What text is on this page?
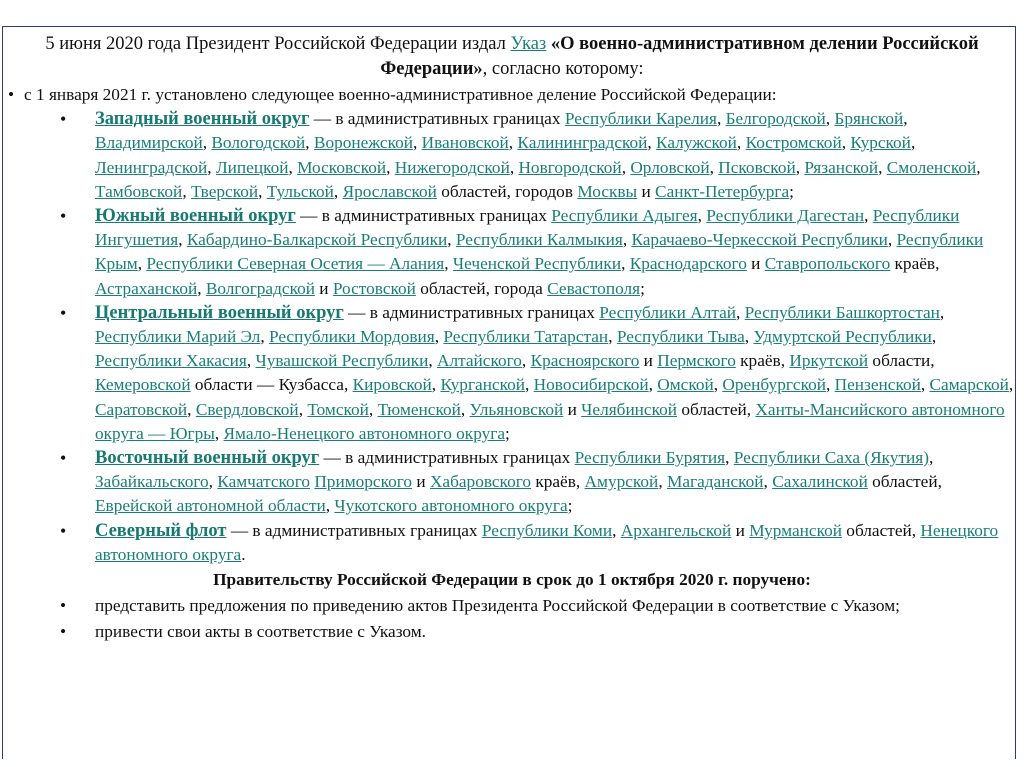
5 июня 2020 года Президент Российской Федерации издал Указ «О военно-административном делении Российской Федерации», согласно которому:
• с 1 января 2021 г. установлено следующее военно-административное деление Российской Федерации:
• Западный военный округ — в административных границах Республики Карелия, Белгородской, Брянской, Владимирской, Вологодской, Воронежской, Ивановской, Калининградской, Калужской, Костромской, Курской, Ленинградской, Липецкой, Московской, Нижегородской, Новгородской, Орловской, Псковской, Рязанской, Смоленской, Тамбовской, Тверской, Тульской, Ярославской областей, городов Москвы и Санкт-Петербурга;
• Южный военный округ — в административных границах Республики Адыгея, Республики Дагестан, Республики Ингушетия, Кабардино-Балкарской Республики, Республики Калмыкия, Карачаево-Черкесской Республики, Республики Крым, Республики Северная Осетия — Алания, Чеченской Республики, Краснодарского и Ставропольского краёв, Астраханской, Волгоградской и Ростовской областей, города Севастополя;
• Центральный военный округ — в административных границах Республики Алтай, Республики Башкортостан, Республики Марий Эл, Республики Мордовия, Республики Татарстан, Республики Тыва, Удмуртской Республики, Республики Хакасия, Чувашской Республики, Алтайского, Красноярского и Пермского краёв, Иркутской области, Кемеровской области — Кузбасса, Кировской, Курганской, Новосибирской, Омской, Оренбургской, Пензенской, Самарской, Саратовской, Свердловской, Томской, Тюменской, Ульяновской и Челябинской областей, Ханты-Мансийского автономного округа — Югры, Ямало-Ненецкого автономного округа;
• Восточный военный округ — в административных границах Республики Бурятия, Республики Саха (Якутия), Забайкальского, Камчатского Приморского и Хабаровского краёв, Амурской, Магаданской, Сахалинской областей, Еврейской автономной области, Чукотского автономного округа;
• Северный флот — в административных границах Республики Коми, Архангельской и Мурманской областей, Ненецкого автономного округа.
Правительству Российской Федерации в срок до 1 октября 2020 г. поручено:
• представить предложения по приведению актов Президента Российской Федерации в соответствие с Указом;
• привести свои акты в соответствие с Указом.
